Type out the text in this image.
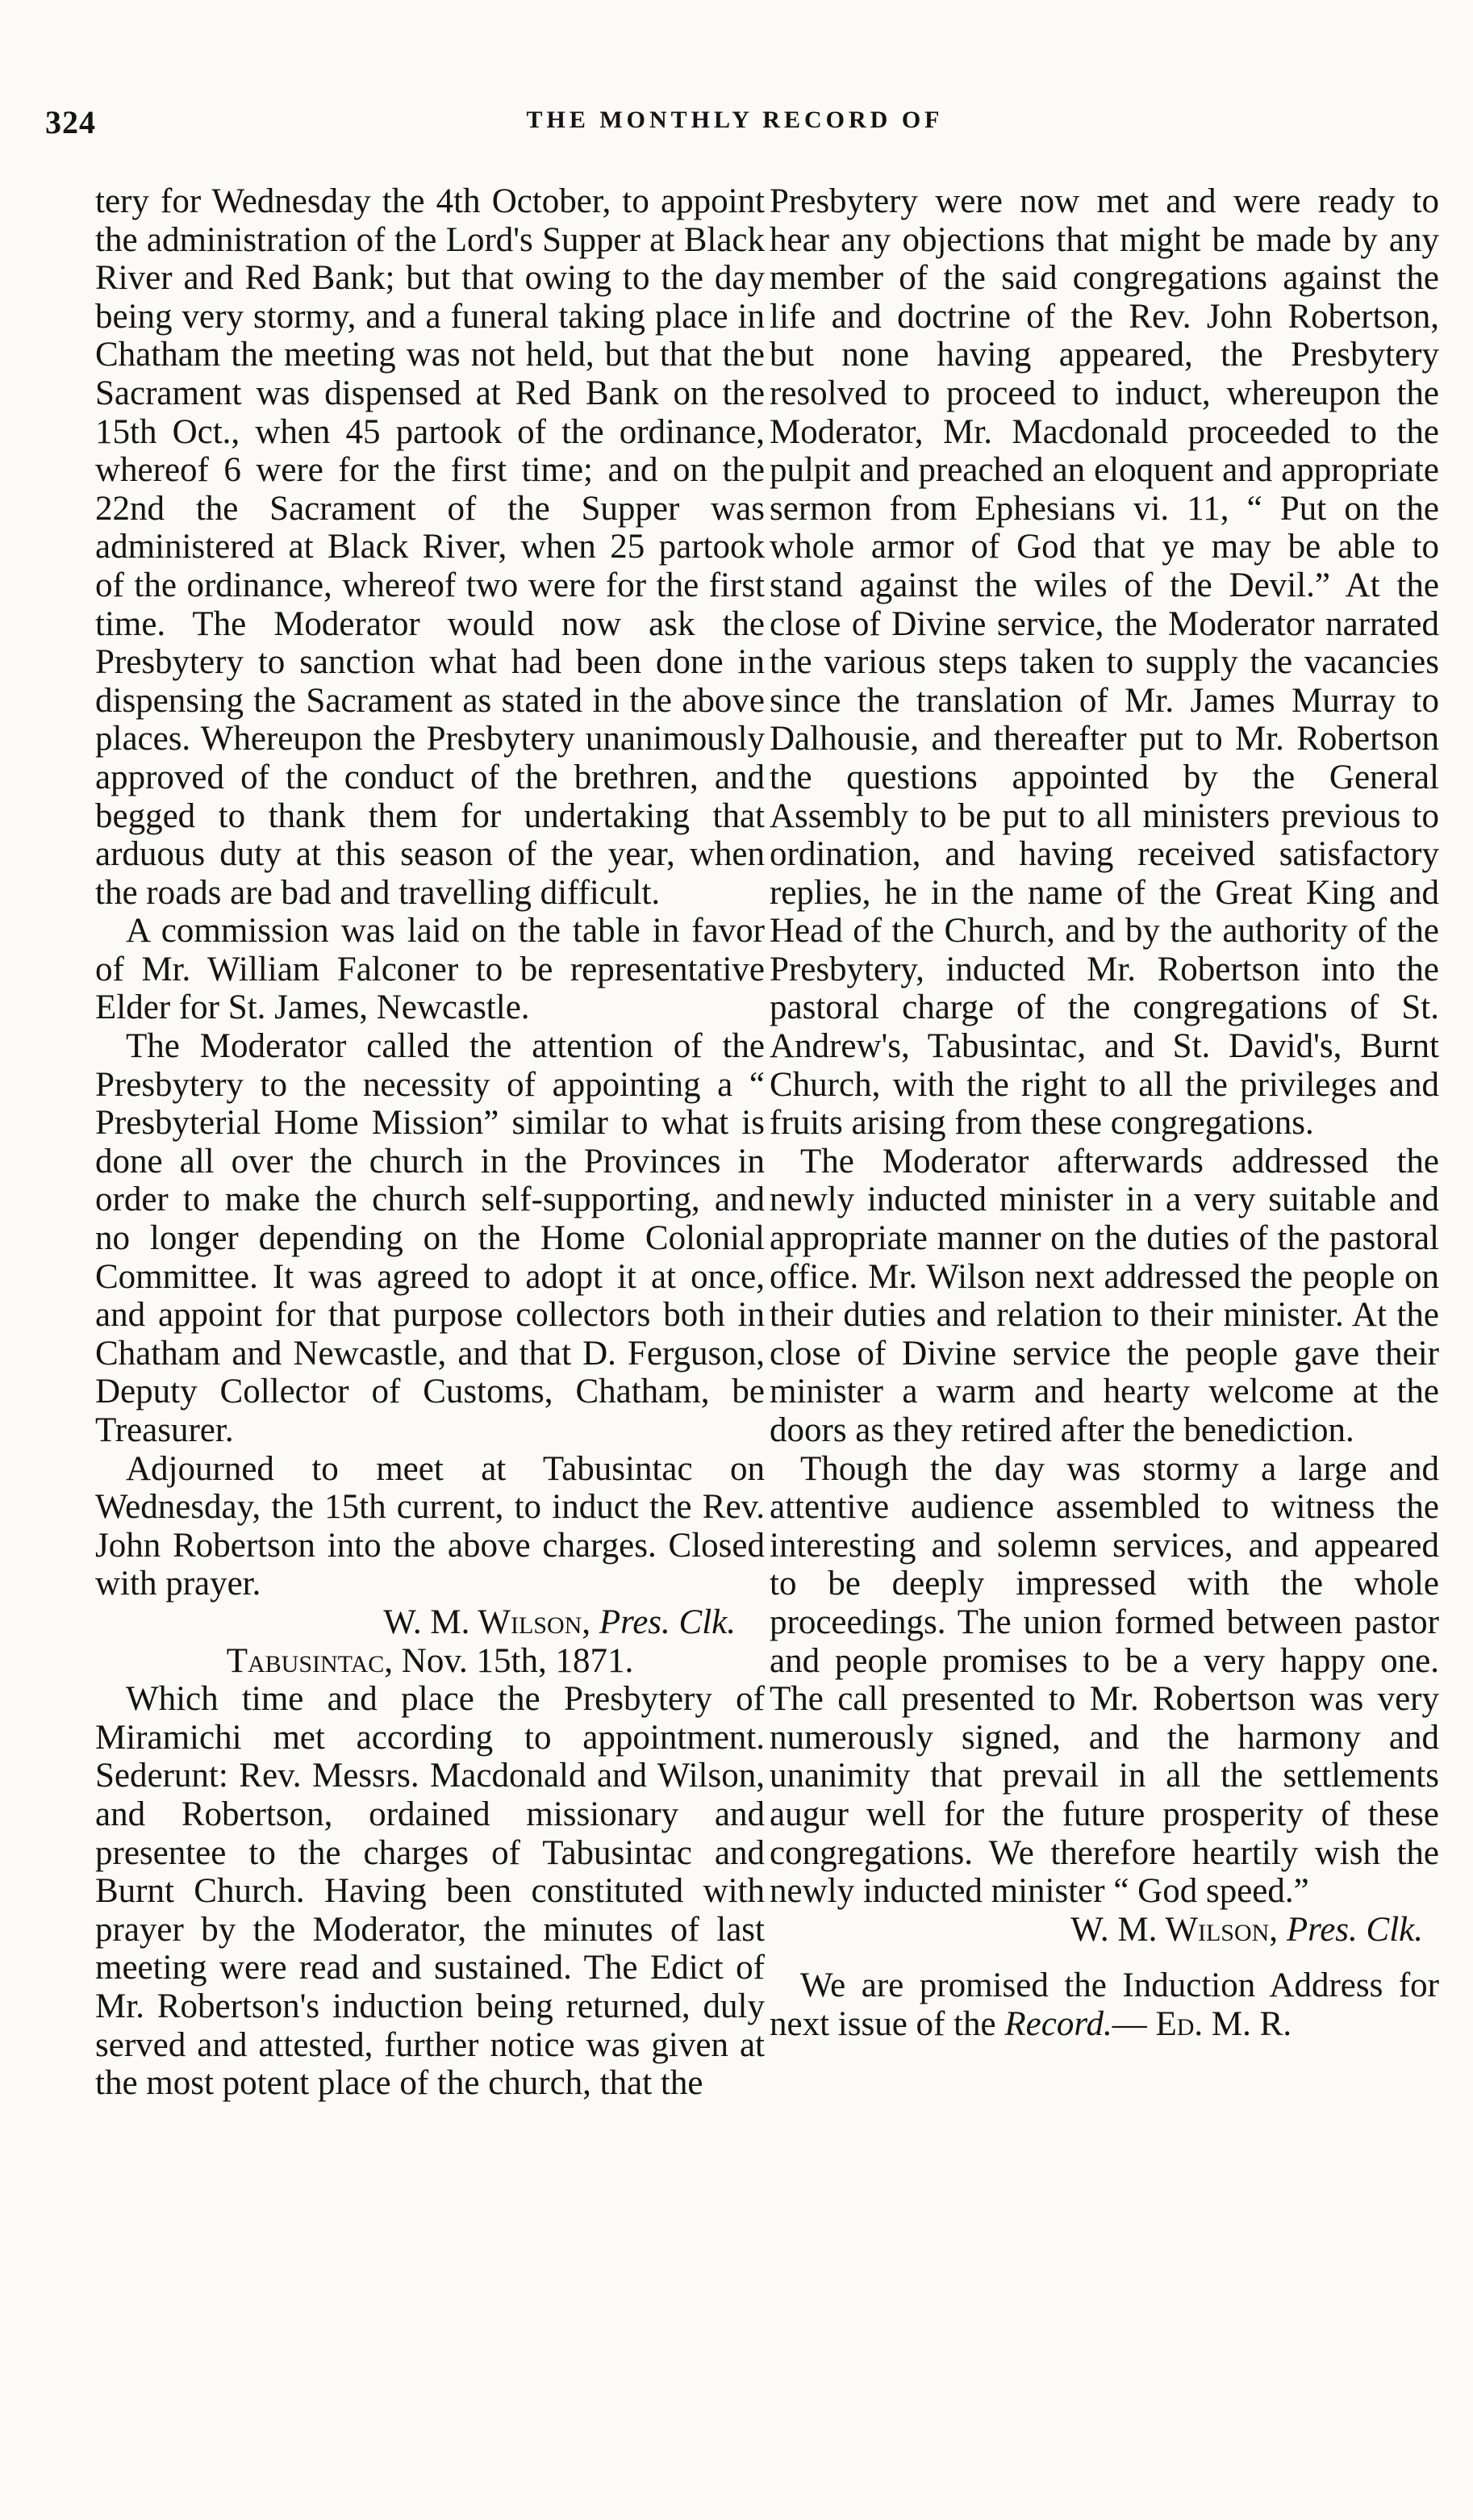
324	THE MONTHLY RECORD OF

tery for Wednesday the 4th October, to appoint the administration of the Lord's Supper at Black River and Red Bank; but that owing to the day being very stormy, and a funeral taking place in Chatham the meeting was not held, but that the Sacrament was dispensed at Red Bank on the 15th Oct., when 45 partook of the ordinance, whereof 6 were for the first time; and on the 22nd the Sacrament of the Supper was administered at Black River, when 25 partook of the ordinance, whereof two were for the first time. The Moderator would now ask the Presbytery to sanction what had been done in dispensing the Sacrament as stated in the above places. Whereupon the Presbytery unanimously approved of the conduct of the brethren, and begged to thank them for undertaking that arduous duty at this season of the year, when the roads are bad and travelling difficult.

A commission was laid on the table in favor of Mr. William Falconer to be representative Elder for St. James, Newcastle.

The Moderator called the attention of the Presbytery to the necessity of appointing a “ Presbyterial Home Mission” similar to what is done all over the church in the Provinces in order to make the church self-supporting, and no longer depending on the Home Colonial Committee. It was agreed to adopt it at once, and appoint for that purpose collectors both in Chatham and Newcastle, and that D. Ferguson, Deputy Collector of Customs, Chatham, be Treasurer.

Adjourned to meet at Tabusintac on Wednesday, the 15th current, to induct the Rev. John Robertson into the above charges. Closed with prayer.

W. M. Wilson, Pres. Clk.

Tabusintac, Nov. 15th, 1871.

Which time and place the Presbytery of Miramichi met according to appointment. Sederunt: Rev. Messrs. Macdonald and Wilson, and Robertson, ordained missionary and presentee to the charges of Tabusintac and Burnt Church. Having been constituted with prayer by the Moderator, the minutes of last meeting were read and sustained. The Edict of Mr. Robertson's induction being returned, duly served and attested, further notice was given at the most potent place of the church, that the

Presbytery were now met and were ready to hear any objections that might be made by any member of the said congregations against the life and doctrine of the Rev. John Robertson, but none having appeared, the Presbytery resolved to proceed to induct, whereupon the Moderator, Mr. Macdonald proceeded to the pulpit and preached an eloquent and appropriate sermon from Ephesians vi. 11, “ Put on the whole armor of God that ye may be able to stand against the wiles of the Devil.” At the close of Divine service, the Moderator narrated the various steps taken to supply the vacancies since the translation of Mr. James Murray to Dalhousie, and thereafter put to Mr. Robertson the questions appointed by the General Assembly to be put to all ministers previous to ordination, and having received satisfactory replies, he in the name of the Great King and Head of the Church, and by the authority of the Presbytery, inducted Mr. Robertson into the pastoral charge of the congregations of St. Andrew's, Tabusintac, and St. David's, Burnt Church, with the right to all the privileges and fruits arising from these congregations.

The Moderator afterwards addressed the newly inducted minister in a very suitable and appropriate manner on the duties of the pastoral office. Mr. Wilson next addressed the people on their duties and relation to their minister. At the close of Divine service the people gave their minister a warm and hearty welcome at the doors as they retired after the benediction.

Though the day was stormy a large and attentive audience assembled to witness the interesting and solemn services, and appeared to be deeply impressed with the whole proceedings. The union formed between pastor and people promises to be a very happy one. The call presented to Mr. Robertson was very numerously signed, and the harmony and unanimity that prevail in all the settlements augur well for the future prosperity of these congregations. We therefore heartily wish the newly inducted minister “ God speed.”

W. M. Wilson, Pres. Clk.

We are promised the Induction Address for next issue of the Record.— Ed. M. R.
